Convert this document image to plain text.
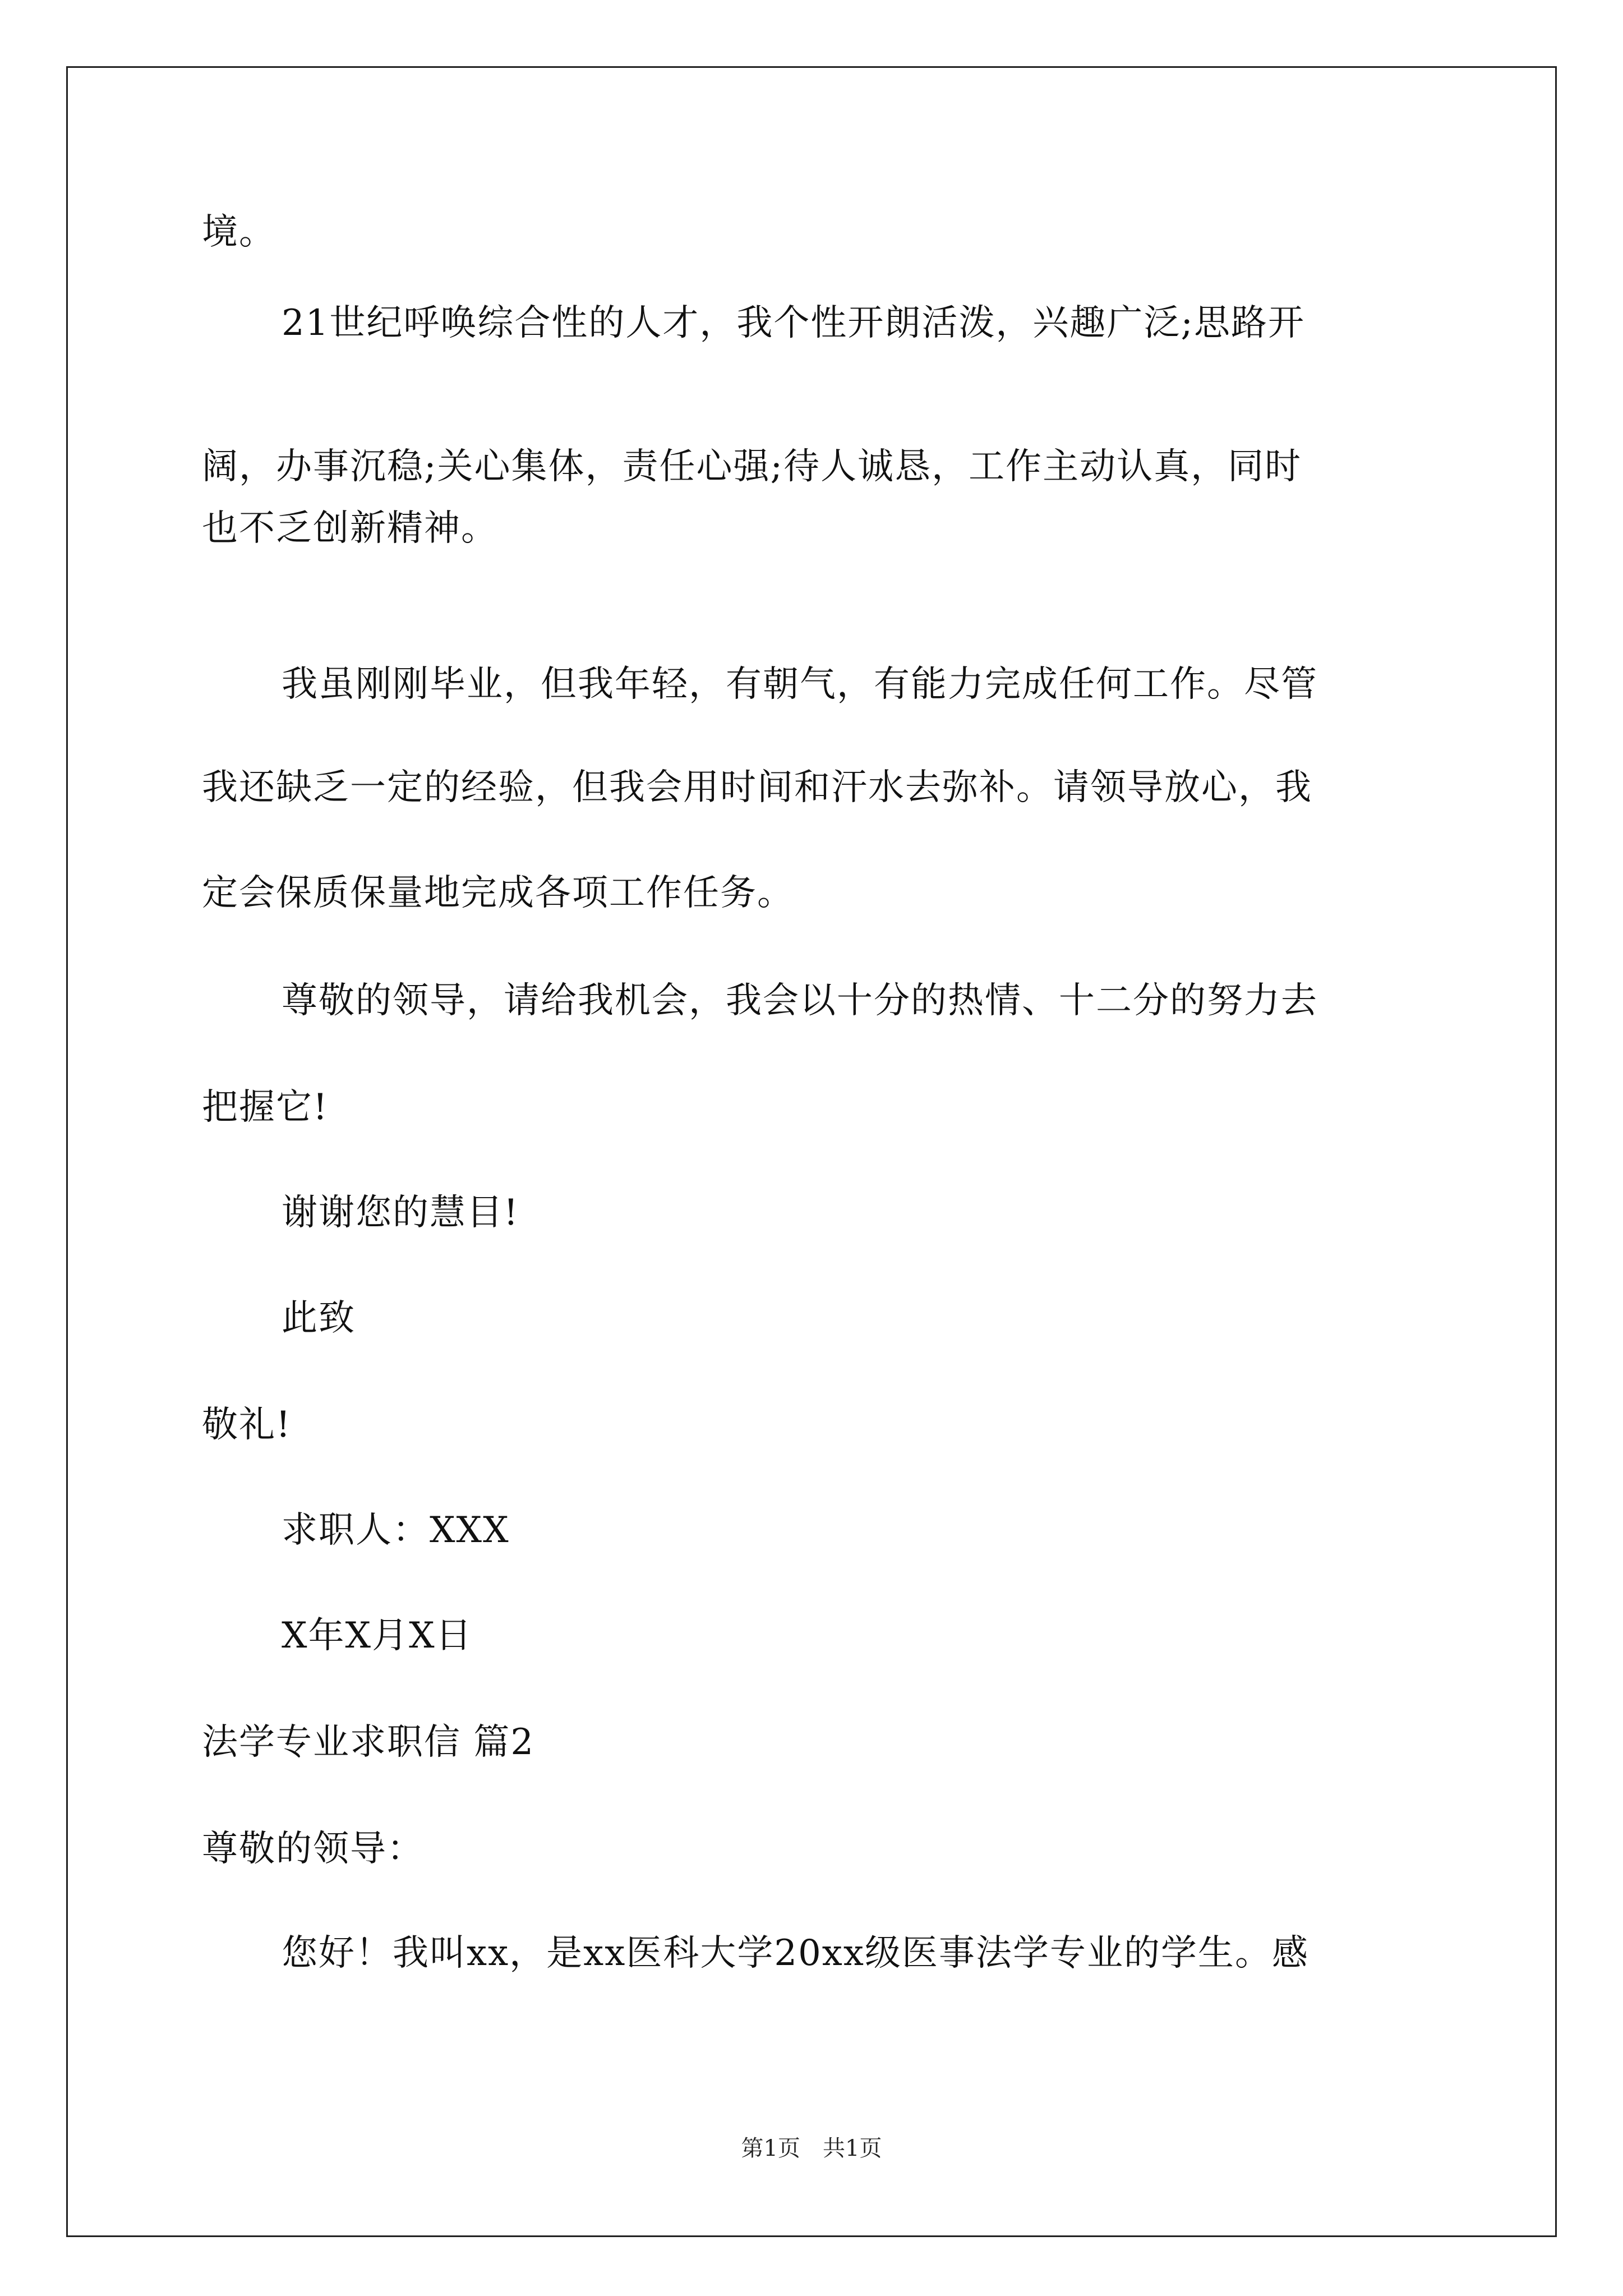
境。
21世纪呼唤综合性的人才，我个性开朗活泼，兴趣广泛;思路开
阔，办事沉稳;关心集体，责任心强;待人诚恳，工作主动认真，同时
也不乏创新精神。
我虽刚刚毕业，但我年轻，有朝气，有能力完成任何工作。尽管
我还缺乏一定的经验，但我会用时间和汗水去弥补。请领导放心，我
定会保质保量地完成各项工作任务。
尊敬的领导，请给我机会，我会以十分的热情、十二分的努力去
把握它!
谢谢您的慧目!
此致
敬礼!
求职人：XXX
X年X月X日
法学专业求职信 篇2
尊敬的领导：
您好！我叫xx，是xx医科大学20xx级医事法学专业的学生。感
第1页　共1页
